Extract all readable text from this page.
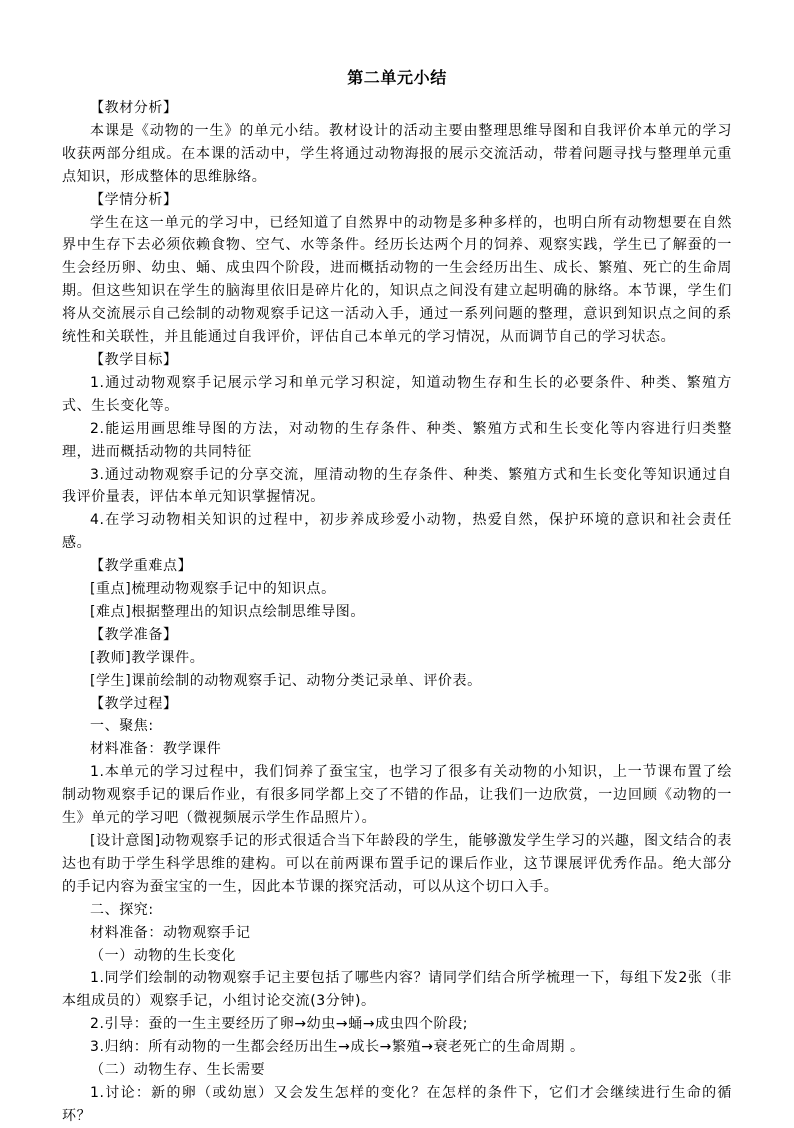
第二单元小结

【教材分析】

本课是《动物的一生》的单元小结。教材设计的活动主要由整理思维导图和自我评价本单元的学习收获两部分组成。在本课的活动中，学生将通过动物海报的展示交流活动，带着问题寻找与整理单元重点知识，形成整体的思维脉络。

【学情分析】

学生在这一单元的学习中，已经知道了自然界中的动物是多种多样的，也明白所有动物想要在自然界中生存下去必须依赖食物、空气、水等条件。经历长达两个月的饲养、观察实践，学生已了解蚕的一生会经历卵、幼虫、蛹、成虫四个阶段，进而概括动物的一生会经历出生、成长、繁殖、死亡的生命周期。但这些知识在学生的脑海里依旧是碎片化的，知识点之间没有建立起明确的脉络。本节课，学生们将从交流展示自己绘制的动物观察手记这一活动入手，通过一系列问题的整理，意识到知识点之间的系统性和关联性，并且能通过自我评价，评估自己本单元的学习情况，从而调节自己的学习状态。

【教学目标】

1.通过动物观察手记展示学习和单元学习积淀，知道动物生存和生长的必要条件、种类、繁殖方式、生长变化等。

2.能运用画思维导图的方法，对动物的生存条件、种类、繁殖方式和生长变化等内容进行归类整理，进而概括动物的共同特征

3.通过动物观察手记的分享交流，厘清动物的生存条件、种类、繁殖方式和生长变化等知识通过自我评价量表，评估本单元知识掌握情况。

4.在学习动物相关知识的过程中，初步养成珍爱小动物，热爱自然，保护环境的意识和社会责任感。

【教学重难点】

[重点]梳理动物观察手记中的知识点。

[难点]根据整理出的知识点绘制思维导图。

【教学准备】

[教师]教学课件。

[学生]课前绘制的动物观察手记、动物分类记录单、评价表。

【教学过程】

一、聚焦:

材料准备：教学课件

1.本单元的学习过程中，我们饲养了蚕宝宝，也学习了很多有关动物的小知识，上一节课布置了绘制动物观察手记的课后作业，有很多同学都上交了不错的作品，让我们一边欣赏，一边回顾《动物的一生》单元的学习吧（微视频展示学生作品照片）。

[设计意图]动物观察手记的形式很适合当下年龄段的学生，能够激发学生学习的兴趣，图文结合的表达也有助于学生科学思维的建构。可以在前两课布置手记的课后作业，这节课展评优秀作品。绝大部分的手记内容为蚕宝宝的一生，因此本节课的探究活动，可以从这个切口入手。

二、探究:

材料准备：动物观察手记

（一）动物的生长变化

1.同学们绘制的动物观察手记主要包括了哪些内容？请同学们结合所学梳理一下，每组下发2张（非本组成员的）观察手记，小组讨论交流(3分钟)。

2.引导：蚕的一生主要经历了卵→幼虫→蛹→成虫四个阶段;

3.归纳：所有动物的一生都会经历出生→成长→繁殖→衰老死亡的生命周期 。

（二）动物生存、生长需要

1.讨论：新的卵（或幼崽）又会发生怎样的变化？在怎样的条件下，它们才会继续进行生命的循环？
